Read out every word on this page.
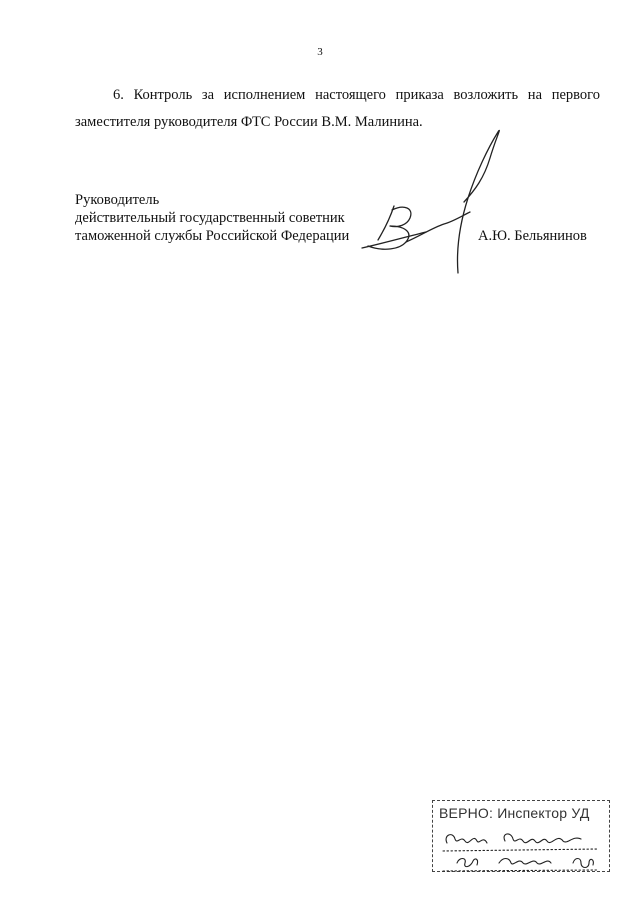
3
6. Контроль за исполнением настоящего приказа возложить на первого
заместителя руководителя ФТС России В.М. Малинина.
Руководитель
действительный государственный советник
таможенной службы Российской Федерации	А.Ю. Бельянинов
ВЕРНО: Инспектор УД
